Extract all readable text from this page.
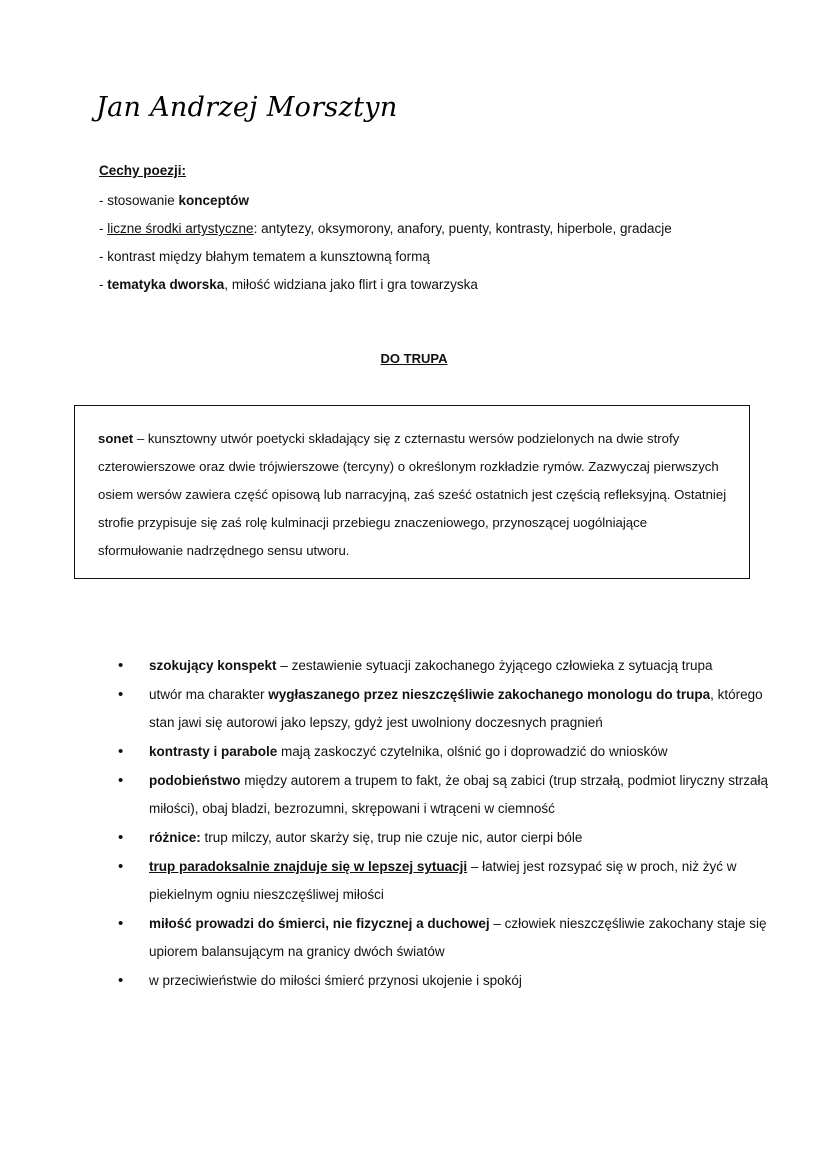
Jan Andrzej Morsztyn
Cechy poezji:
- stosowanie konceptów
- liczne środki artystyczne: antytezy, oksymorony, anafory, puenty, kontrasty, hiperbole, gradacje
- kontrast między błahym tematem a kunsztowną formą
- tematyka dworska, miłość widziana jako flirt i gra towarzyska
DO TRUPA
sonet – kunsztowny utwór poetycki składający się z czternastu wersów podzielonych na dwie strofy czterowierszowe oraz dwie trójwierszowe (tercyny) o określonym rozkładzie rymów. Zazwyczaj pierwszych osiem wersów zawiera część opisową lub narracyjną, zaś sześć ostatnich jest częścią refleksyjną. Ostatniej strofie przypisuje się zaś rolę kulminacji przebiegu znaczeniowego, przynoszącej uogólniające sformułowanie nadrzędnego sensu utworu.
• szokujący konspekt – zestawienie sytuacji zakochanego żyjącego człowieka z sytuacją trupa
• utwór ma charakter wygłaszanego przez nieszczęśliwie zakochanego monologu do trupa, którego stan jawi się autorowi jako lepszy, gdyż jest uwolniony doczesnych pragnień
• kontrasty i parabole mają zaskoczyć czytelnika, olśnić go i doprowadzić do wniosków
• podobieństwo między autorem a trupem to fakt, że obaj są zabici (trup strzałą, podmiot liryczny strzałą miłości), obaj bladzi, bezrozumni, skrępowani i wtrąceni w ciemność
• różnice: trup milczy, autor skarży się, trup nie czuje nic, autor cierpi bóle
• trup paradoksalnie znajduje się w lepszej sytuacji – łatwiej jest rozsypać się w proch, niż żyć w piekielnym ogniu nieszczęśliwej miłości
• miłość prowadzi do śmierci, nie fizycznej a duchowej – człowiek nieszczęśliwie zakochany staje się upiorem balansującym na granicy dwóch światów
• w przeciwieństwie do miłości śmierć przynosi ukojenie i spokój
